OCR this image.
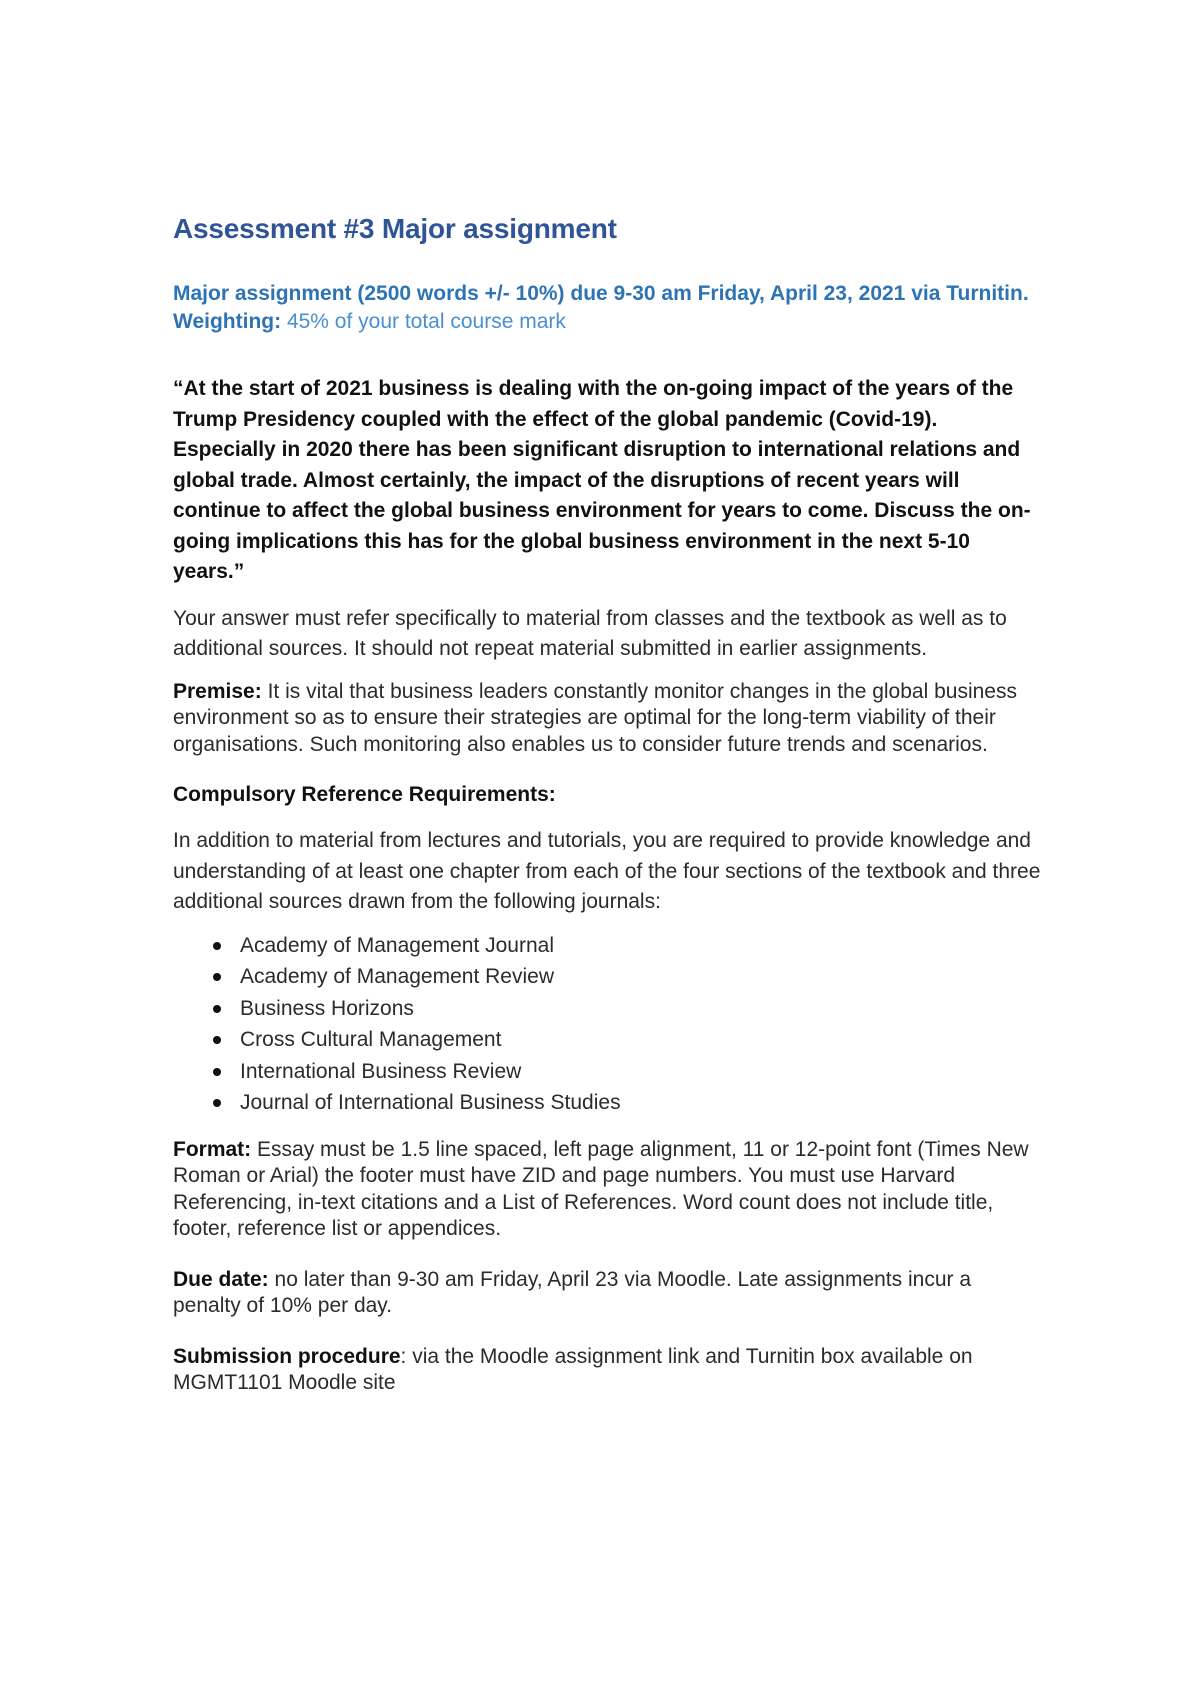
Assessment #3 Major assignment

Major assignment (2500 words +/- 10%) due 9-30 am Friday, April 23, 2021 via Turnitin. Weighting: 45% of your total course mark

“At the start of 2021 business is dealing with the on-going impact of the years of the Trump Presidency coupled with the effect of the global pandemic (Covid-19). Especially in 2020 there has been significant disruption to international relations and global trade. Almost certainly, the impact of the disruptions of recent years will continue to affect the global business environment for years to come. Discuss the on-going implications this has for the global business environment in the next 5-10 years.”

Your answer must refer specifically to material from classes and the textbook as well as to additional sources. It should not repeat material submitted in earlier assignments.

Premise: It is vital that business leaders constantly monitor changes in the global business environment so as to ensure their strategies are optimal for the long-term viability of their organisations. Such monitoring also enables us to consider future trends and scenarios.

Compulsory Reference Requirements:

In addition to material from lectures and tutorials, you are required to provide knowledge and understanding of at least one chapter from each of the four sections of the textbook and three additional sources drawn from the following journals:

Academy of Management Journal
Academy of Management Review
Business Horizons
Cross Cultural Management
International Business Review
Journal of International Business Studies

Format: Essay must be 1.5 line spaced, left page alignment, 11 or 12-point font (Times New Roman or Arial) the footer must have ZID and page numbers. You must use Harvard Referencing, in-text citations and a List of References. Word count does not include title, footer, reference list or appendices.

Due date: no later than 9-30 am Friday, April 23 via Moodle. Late assignments incur a penalty of 10% per day.

Submission procedure: via the Moodle assignment link and Turnitin box available on MGMT1101 Moodle site
